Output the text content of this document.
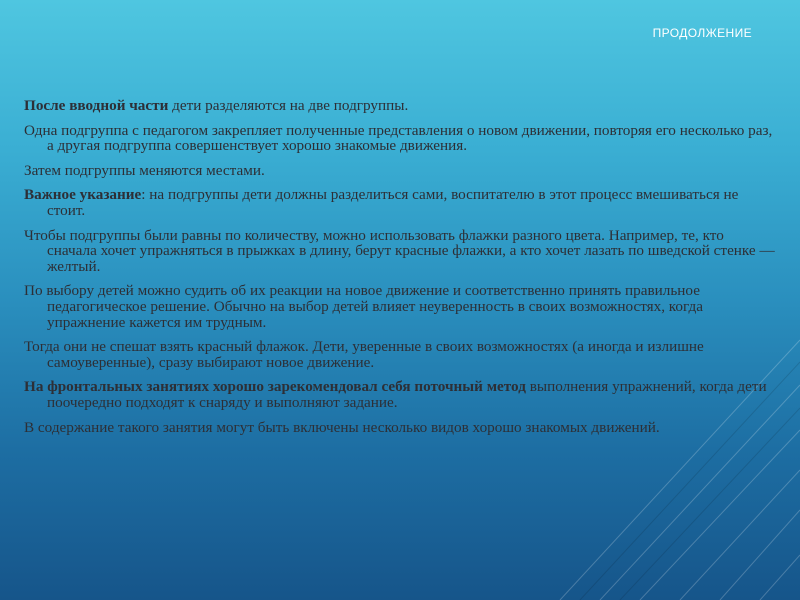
ПРОДОЛЖЕНИЕ

После вводной части дети разделяются на две подгруппы.

Одна подгруппа с педагогом закрепляет полученные представления о новом движении, повторяя его несколько раз, а другая подгруппа совершенствует хорошо знакомые движения.

Затем подгруппы меняются местами.

Важное указание: на подгруппы дети должны разделиться сами, воспитателю в этот процесс вмешиваться не стоит.

Чтобы подгруппы были равны по количеству, можно использовать флажки разного цвета. Например, те, кто сначала хочет упражняться в прыжках в длину, берут красные флажки, а кто хочет лазать по шведской стенке — желтый.

По выбору детей можно судить об их реакции на новое движение и соответственно принять правильное педагогическое решение. Обычно на выбор детей влияет неуверенность в своих возможностях, когда упражнение кажется им трудным.

Тогда они не спешат взять красный флажок. Дети, уверенные в своих возможностях (а иногда и излишне самоуверенные), сразу выбирают новое движение.

На фронтальных занятиях хорошо зарекомендовал себя поточный метод выполнения упражнений, когда дети поочередно подходят к снаряду и выполняют задание.

В содержание такого занятия могут быть включены несколько видов хорошо знакомых движений.
